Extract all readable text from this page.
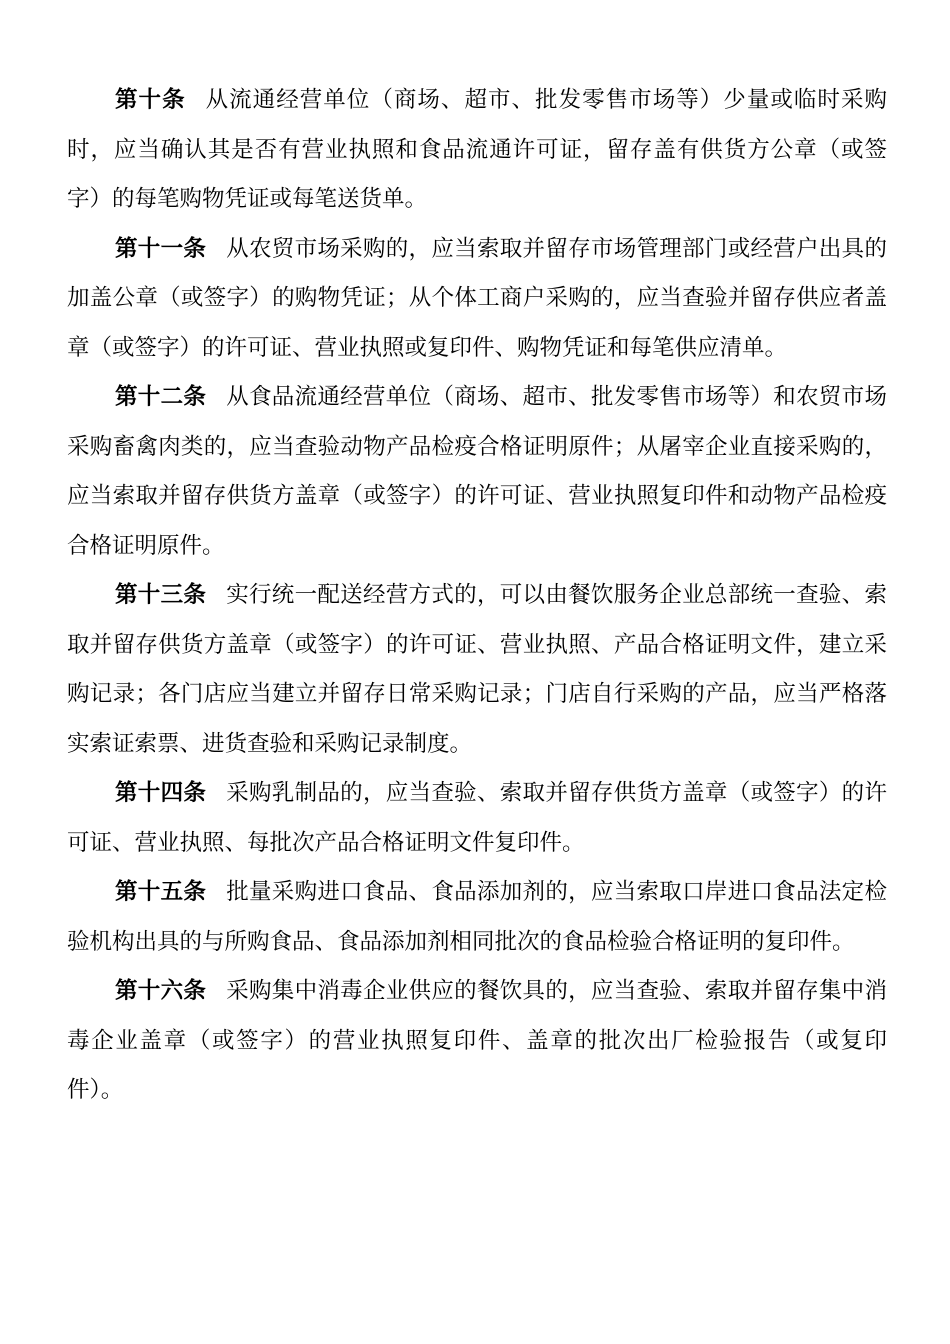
第十条 从流通经营单位（商场、超市、批发零售市场等）少量或临时采购时，应当确认其是否有营业执照和食品流通许可证，留存盖有供货方公章（或签字）的每笔购物凭证或每笔送货单。

第十一条 从农贸市场采购的，应当索取并留存市场管理部门或经营户出具的加盖公章（或签字）的购物凭证；从个体工商户采购的，应当查验并留存供应者盖章（或签字）的许可证、营业执照或复印件、购物凭证和每笔供应清单。

第十二条 从食品流通经营单位（商场、超市、批发零售市场等）和农贸市场采购畜禽肉类的，应当查验动物产品检疫合格证明原件；从屠宰企业直接采购的，应当索取并留存供货方盖章（或签字）的许可证、营业执照复印件和动物产品检疫合格证明原件。

第十三条 实行统一配送经营方式的，可以由餐饮服务企业总部统一查验、索取并留存供货方盖章（或签字）的许可证、营业执照、产品合格证明文件，建立采购记录；各门店应当建立并留存日常采购记录；门店自行采购的产品，应当严格落实索证索票、进货查验和采购记录制度。

第十四条 采购乳制品的，应当查验、索取并留存供货方盖章（或签字）的许可证、营业执照、每批次产品合格证明文件复印件。

第十五条 批量采购进口食品、食品添加剂的，应当索取口岸进口食品法定检验机构出具的与所购食品、食品添加剂相同批次的食品检验合格证明的复印件。

第十六条 采购集中消毒企业供应的餐饮具的，应当查验、索取并留存集中消毒企业盖章（或签字）的营业执照复印件、盖章的批次出厂检验报告（或复印件）。
